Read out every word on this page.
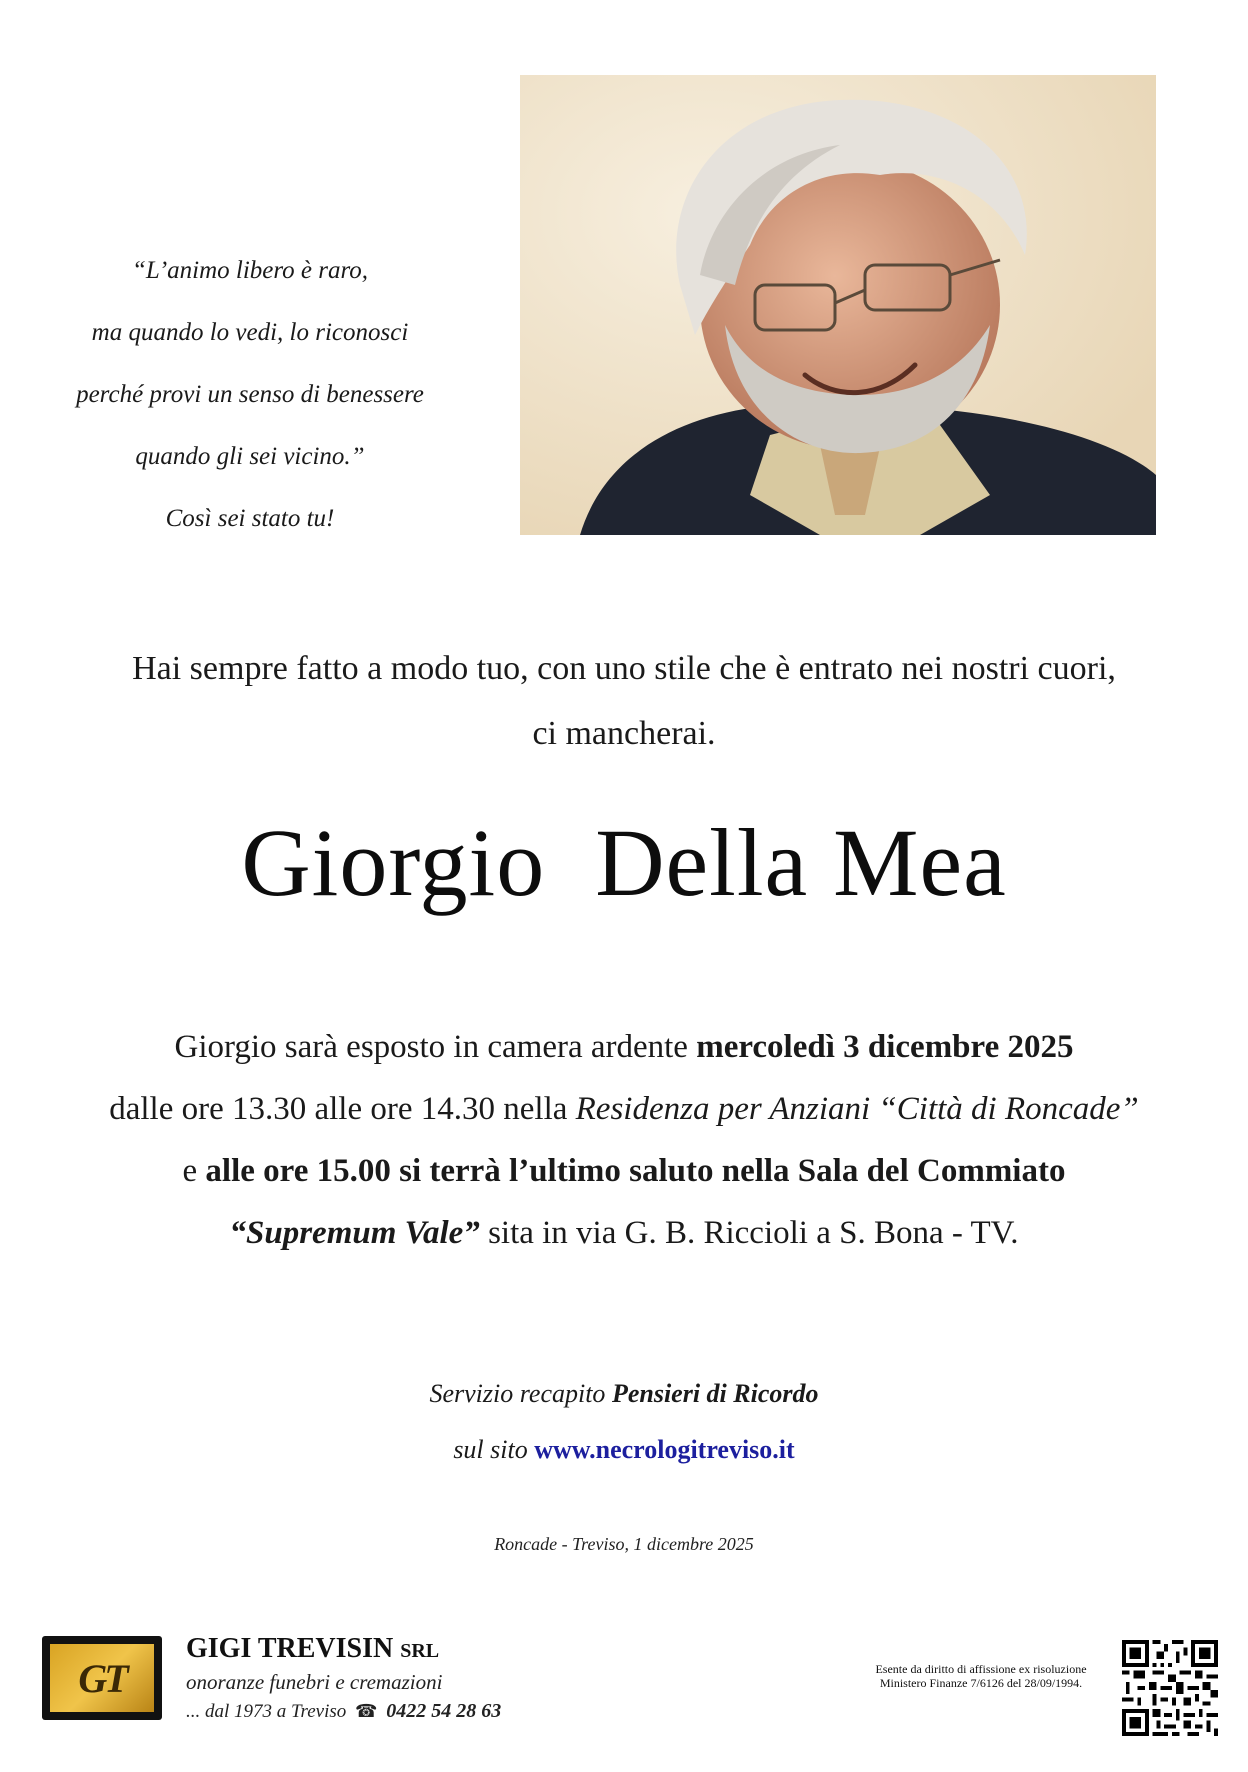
“L’animo libero è raro,
ma quando lo vedi, lo riconosci
perché provi un senso di benessere
quando gli sei vicino.”
Così sei stato tu!
Hai sempre fatto a modo tuo, con uno stile che è entrato nei nostri cuori,
ci mancherai.
Giorgio  Della Mea
Giorgio sarà esposto in camera ardente mercoledì 3 dicembre 2025
dalle ore 13.30 alle ore 14.30 nella Residenza per Anziani “Città di Roncade”
e alle ore 15.00 si terrà l’ultimo saluto nella Sala del Commiato
“Supremum Vale” sita in via G. B. Riccioli a S. Bona - TV.
Servizio recapito Pensieri di Ricordo
sul sito www.necrologitreviso.it
Roncade - Treviso, 1 dicembre 2025
GT
GIGI TREVISIN SRL
onoranze funebri e cremazioni
... dal 1973 a Treviso ☎ 0422 54 28 63
Esente da diritto di affissione ex risoluzione
Ministero Finanze 7/6126 del 28/09/1994.
